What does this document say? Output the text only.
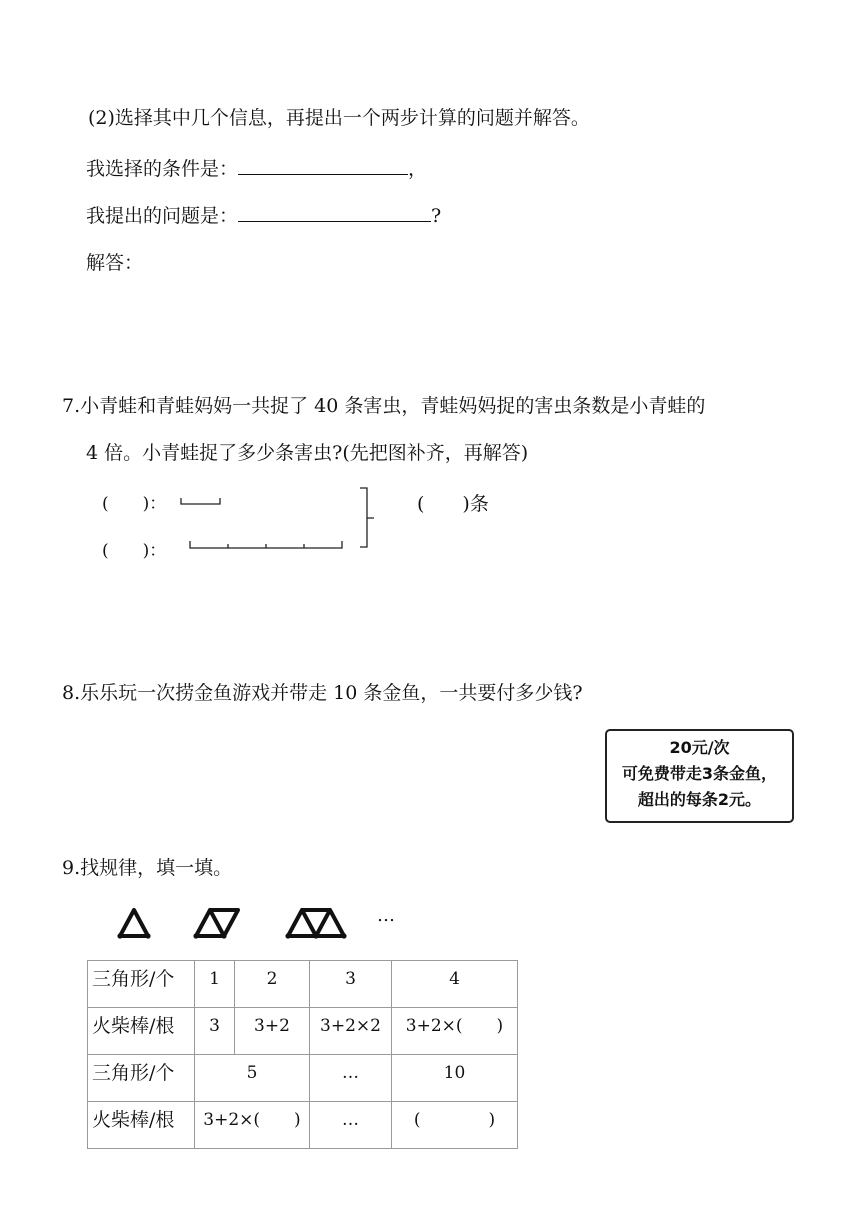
(2)选择其中几个信息，再提出一个两步计算的问题并解答。
我选择的条件是：	，
我提出的问题是：	?
解答：
7.小青蛙和青蛙妈妈一共捉了 40 条害虫，青蛙妈妈捉的害虫条数是小青蛙的
4 倍。小青蛙捉了多少条害虫?(先把图补齐，再解答)
(　　)：
(　　)：
(　　)条
8.乐乐玩一次捞金鱼游戏并带走 10 条金鱼，一共要付多少钱?
20元/次
可免费带走3条金鱼，
超出的每条2元。
9.找规律，填一填。
…
三角形/个	1	2	3	4
火柴棒/根	3	3+2	3+2×2	3+2×(　　)
三角形/个	5		…	10
火柴棒/根	3+2×(　　)		…	(　　　　)
